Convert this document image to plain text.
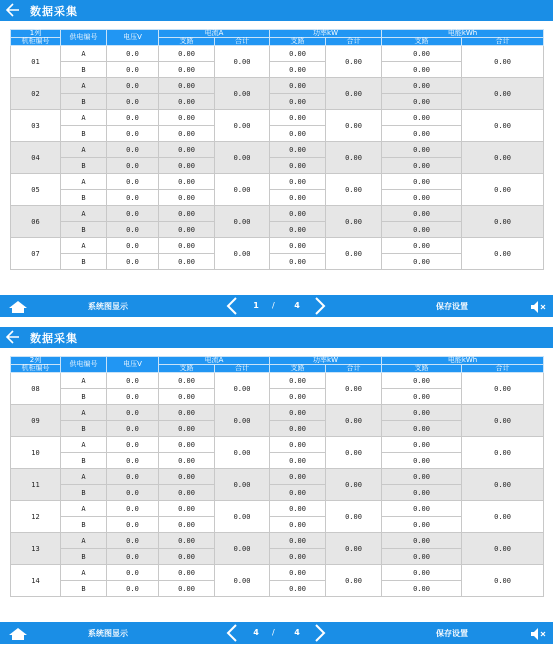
数据采集
1列	供电编号	电压V	电流A		功率kW		电能kWh	
机柜编号			支路	合计	支路	合计	支路	合计
01	A	0.0	0.00	0.00	0.00	0.00	0.00	0.00
	B	0.0	0.00		0.00		0.00	
02	A	0.0	0.00	0.00	0.00	0.00	0.00	0.00
	B	0.0	0.00		0.00		0.00	
03	A	0.0	0.00	0.00	0.00	0.00	0.00	0.00
	B	0.0	0.00		0.00		0.00	
04	A	0.0	0.00	0.00	0.00	0.00	0.00	0.00
	B	0.0	0.00		0.00		0.00	
05	A	0.0	0.00	0.00	0.00	0.00	0.00	0.00
	B	0.0	0.00		0.00		0.00	
06	A	0.0	0.00	0.00	0.00	0.00	0.00	0.00
	B	0.0	0.00		0.00		0.00	
07	A	0.0	0.00	0.00	0.00	0.00	0.00	0.00
	B	0.0	0.00		0.00		0.00	
系统图显示	1 / 4	保存设置
数据采集
2列	供电编号	电压V	电流A		功率kW		电能kWh	
机柜编号			支路	合计	支路	合计	支路	合计
08	A	0.0	0.00	0.00	0.00	0.00	0.00	0.00
	B	0.0	0.00		0.00		0.00	
09	A	0.0	0.00	0.00	0.00	0.00	0.00	0.00
	B	0.0	0.00		0.00		0.00	
10	A	0.0	0.00	0.00	0.00	0.00	0.00	0.00
	B	0.0	0.00		0.00		0.00	
11	A	0.0	0.00	0.00	0.00	0.00	0.00	0.00
	B	0.0	0.00		0.00		0.00	
12	A	0.0	0.00	0.00	0.00	0.00	0.00	0.00
	B	0.0	0.00		0.00		0.00	
13	A	0.0	0.00	0.00	0.00	0.00	0.00	0.00
	B	0.0	0.00		0.00		0.00	
14	A	0.0	0.00	0.00	0.00	0.00	0.00	0.00
	B	0.0	0.00		0.00		0.00	
系统图显示	4 / 4	保存设置
